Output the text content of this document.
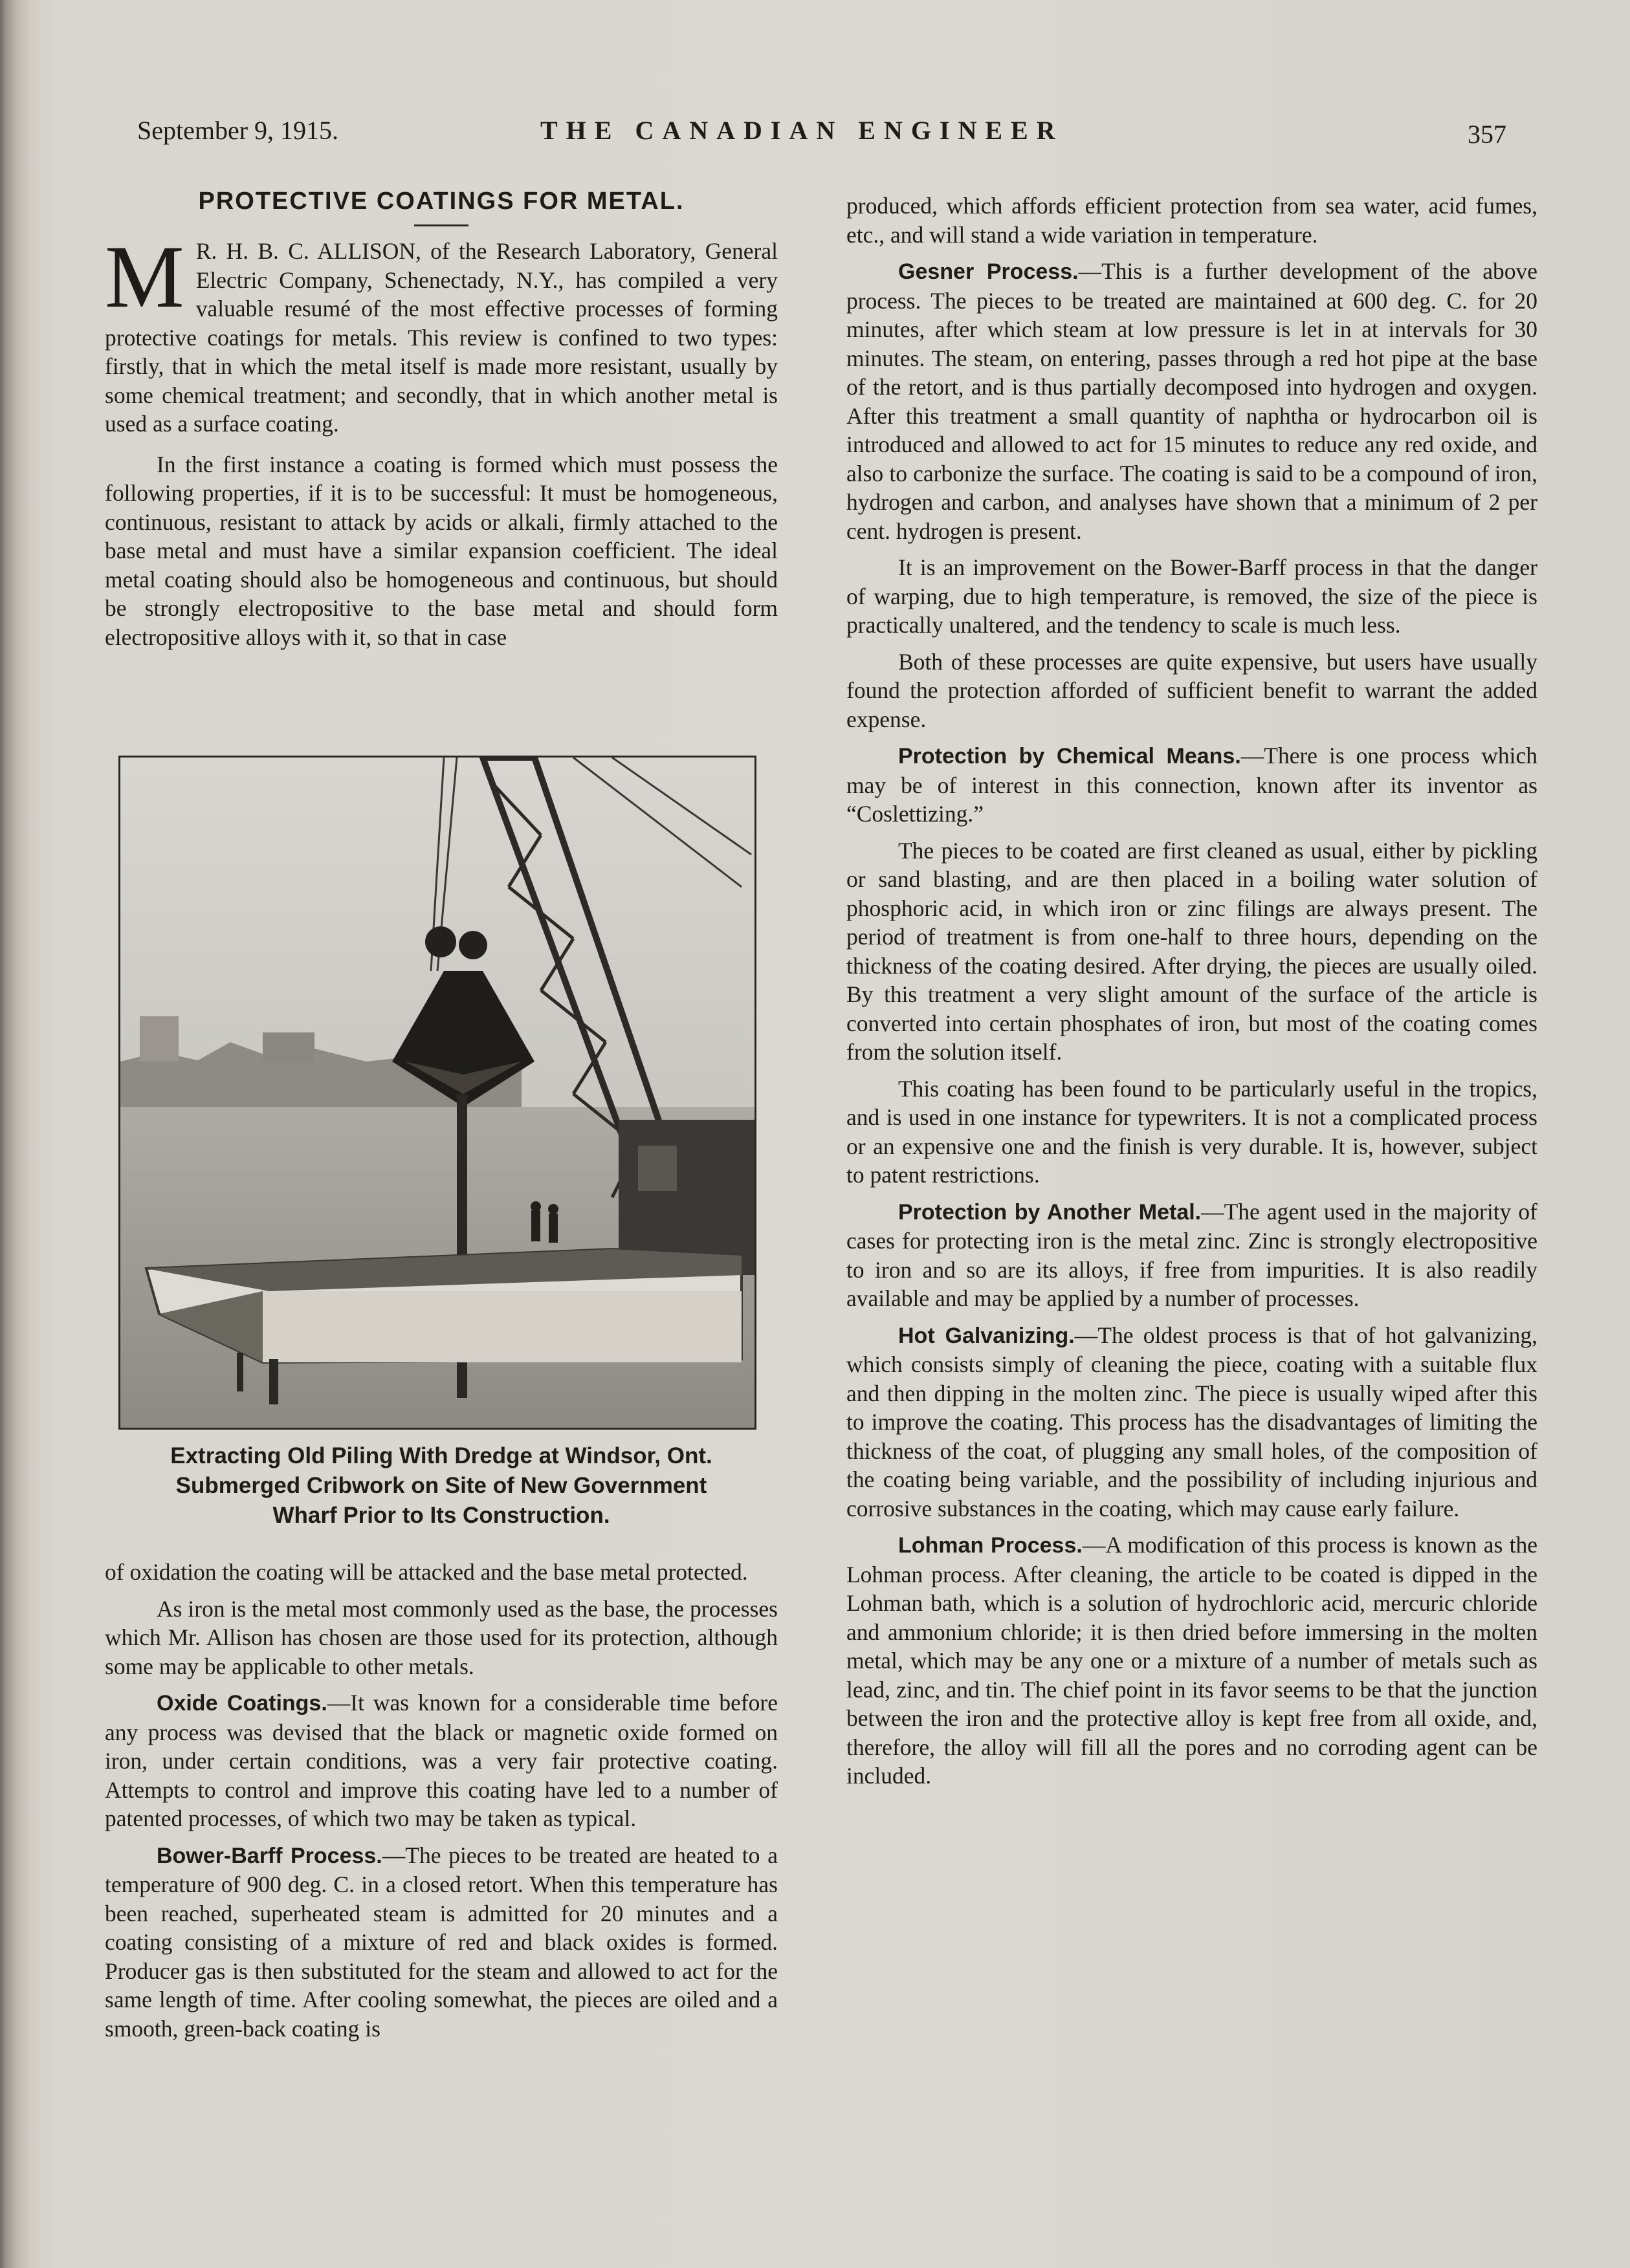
September 9, 1915.	THE CANADIAN ENGINEER	357
PROTECTIVE COATINGS FOR METAL.

M R. H. B. C. ALLISON, of the Research Laboratory, General Electric Company, Schenectady, N.Y., has compiled a very valuable resumé of the most effective processes of forming protective coatings for metals. This review is confined to two types: firstly, that in which the metal itself is made more resistant, usually by some chemical treatment; and secondly, that in which another metal is used as a surface coating.

In the first instance a coating is formed which must possess the following properties, if it is to be successful: It must be homogeneous, continuous, resistant to attack by acids or alkali, firmly attached to the base metal and must have a similar expansion coefficient. The ideal metal coating should also be homogeneous and continuous, but should be strongly electropositive to the base metal and should form electropositive alloys with it, so that in case

Extracting Old Piling With Dredge at Windsor, Ont.
Submerged Cribwork on Site of New Government
Wharf Prior to Its Construction.

of oxidation the coating will be attacked and the base metal protected.

As iron is the metal most commonly used as the base, the processes which Mr. Allison has chosen are those used for its protection, although some may be applicable to other metals.

Oxide Coatings.—It was known for a considerable time before any process was devised that the black or magnetic oxide formed on iron, under certain conditions, was a very fair protective coating. Attempts to control and improve this coating have led to a number of patented processes, of which two may be taken as typical.

Bower-Barff Process.—The pieces to be treated are heated to a temperature of 900 deg. C. in a closed retort. When this temperature has been reached, superheated steam is admitted for 20 minutes and a coating consisting of a mixture of red and black oxides is formed. Producer gas is then substituted for the steam and allowed to act for the same length of time. After cooling somewhat, the pieces are oiled and a smooth, green-back coating is

produced, which affords efficient protection from sea water, acid fumes, etc., and will stand a wide variation in temperature.

Gesner Process.—This is a further development of the above process. The pieces to be treated are maintained at 600 deg. C. for 20 minutes, after which steam at low pressure is let in at intervals for 30 minutes. The steam, on entering, passes through a red hot pipe at the base of the retort, and is thus partially decomposed into hydrogen and oxygen. After this treatment a small quantity of naphtha or hydrocarbon oil is introduced and allowed to act for 15 minutes to reduce any red oxide, and also to carbonize the surface. The coating is said to be a compound of iron, hydrogen and carbon, and analyses have shown that a minimum of 2 per cent. hydrogen is present.

It is an improvement on the Bower-Barff process in that the danger of warping, due to high temperature, is removed, the size of the piece is practically unaltered, and the tendency to scale is much less.

Both of these processes are quite expensive, but users have usually found the protection afforded of sufficient benefit to warrant the added expense.

Protection by Chemical Means.—There is one process which may be of interest in this connection, known after its inventor as “Coslettizing.”

The pieces to be coated are first cleaned as usual, either by pickling or sand blasting, and are then placed in a boiling water solution of phosphoric acid, in which iron or zinc filings are always present. The period of treatment is from one-half to three hours, depending on the thickness of the coating desired. After drying, the pieces are usually oiled. By this treatment a very slight amount of the surface of the article is converted into certain phosphates of iron, but most of the coating comes from the solution itself.

This coating has been found to be particularly useful in the tropics, and is used in one instance for typewriters. It is not a complicated process or an expensive one and the finish is very durable. It is, however, subject to patent restrictions.

Protection by Another Metal.—The agent used in the majority of cases for protecting iron is the metal zinc. Zinc is strongly electropositive to iron and so are its alloys, if free from impurities. It is also readily available and may be applied by a number of processes.

Hot Galvanizing.—The oldest process is that of hot galvanizing, which consists simply of cleaning the piece, coating with a suitable flux and then dipping in the molten zinc. The piece is usually wiped after this to improve the coating. This process has the disadvantages of limiting the thickness of the coat, of plugging any small holes, of the composition of the coating being variable, and the possibility of including injurious and corrosive substances in the coating, which may cause early failure.

Lohman Process.—A modification of this process is known as the Lohman process. After cleaning, the article to be coated is dipped in the Lohman bath, which is a solution of hydrochloric acid, mercuric chloride and ammonium chloride; it is then dried before immersing in the molten metal, which may be any one or a mixture of a number of metals such as lead, zinc, and tin. The chief point in its favor seems to be that the junction between the iron and the protective alloy is kept free from all oxide, and, therefore, the alloy will fill all the pores and no corroding agent can be included.
